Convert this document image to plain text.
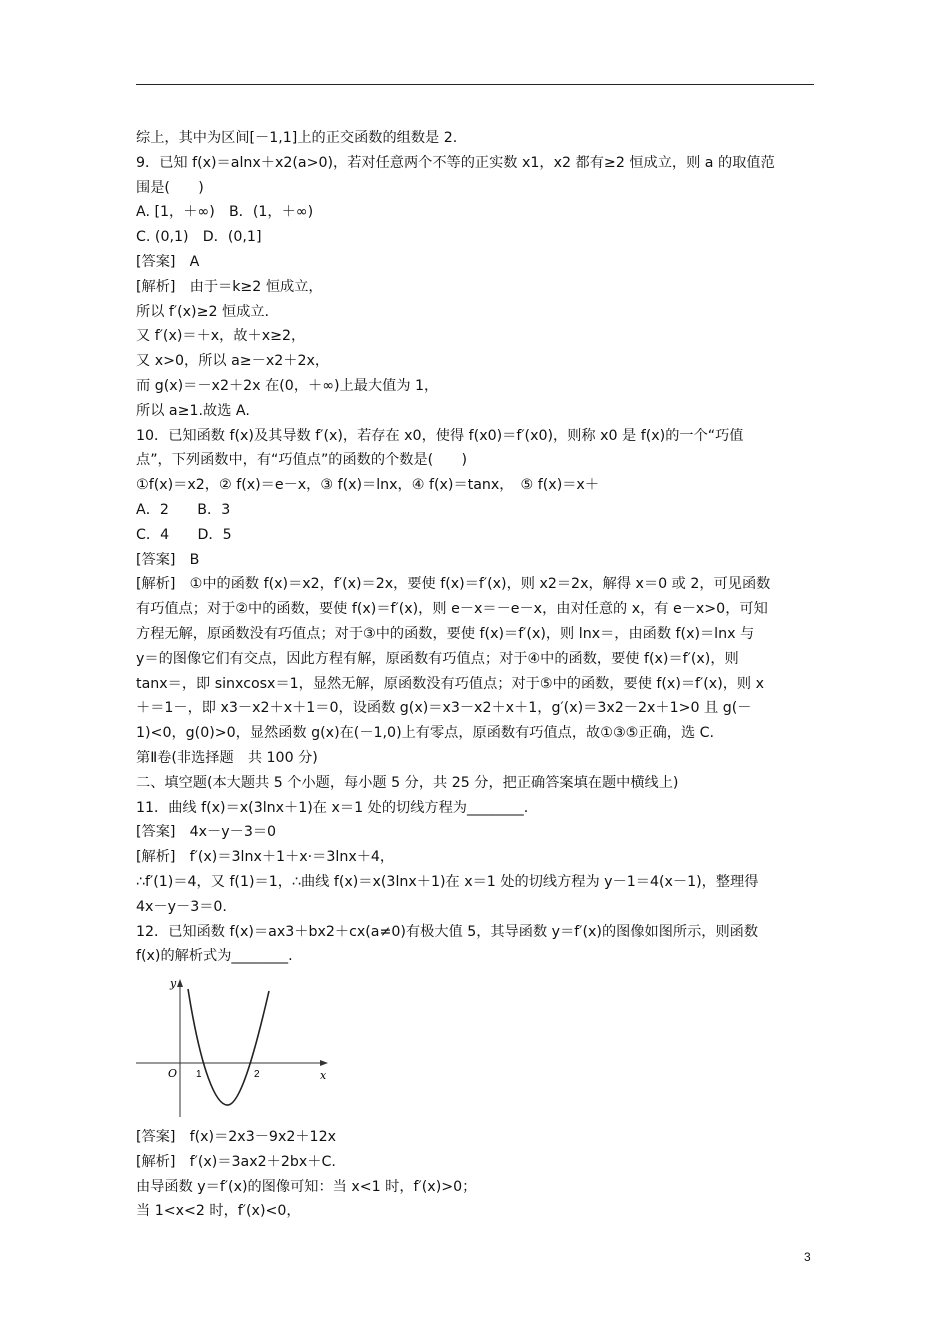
综上，其中为区间[－1,1]上的正交函数的组数是 2.
9．已知 f(x)＝alnx＋x2(a>0)，若对任意两个不等的正实数 x1，x2 都有≥2 恒成立，则 a 的取值范
围是(　　)
A. [1，＋∞)　B．(1，＋∞)
C. (0,1)　D．(0,1]
[答案]　A
[解析]　由于＝k≥2 恒成立，
所以 f′(x)≥2 恒成立.
又 f′(x)＝＋x，故＋x≥2，
又 x>0，所以 a≥－x2＋2x，
而 g(x)＝－x2＋2x 在(0，＋∞)上最大值为 1，
所以 a≥1.故选 A.
10．已知函数 f(x)及其导数 f′(x)，若存在 x0，使得 f(x0)＝f′(x0)，则称 x0 是 f(x)的一个“巧值
点”，下列函数中，有“巧值点”的函数的个数是(　　)
①f(x)＝x2，② f(x)＝e－x，③ f(x)＝lnx，④ f(x)＝tanx，　⑤ f(x)＝x＋
A．2　　B．3
C．4　　D．5
[答案]　B
[解析]　①中的函数 f(x)＝x2，f′(x)＝2x，要使 f(x)＝f′(x)，则 x2＝2x，解得 x＝0 或 2，可见函数
有巧值点；对于②中的函数，要使 f(x)＝f′(x)，则 e－x＝－e－x，由对任意的 x，有 e－x>0，可知
方程无解，原函数没有巧值点；对于③中的函数，要使 f(x)＝f′(x)，则 lnx＝，由函数 f(x)＝lnx 与
y＝的图像它们有交点，因此方程有解，原函数有巧值点；对于④中的函数，要使 f(x)＝f′(x)，则
tanx＝，即 sinxcosx＝1，显然无解，原函数没有巧值点；对于⑤中的函数，要使 f(x)＝f′(x)，则 x
＋＝1－，即 x3－x2＋x＋1＝0，设函数 g(x)＝x3－x2＋x＋1，g′(x)＝3x2－2x＋1>0 且 g(－
1)<0，g(0)>0，显然函数 g(x)在(－1,0)上有零点，原函数有巧值点，故①③⑤正确，选 C.
第Ⅱ卷(非选择题　共 100 分)
二、填空题(本大题共 5 个小题，每小题 5 分，共 25 分，把正确答案填在题中横线上)
11．曲线 f(x)＝x(3lnx＋1)在 x＝1 处的切线方程为________.
[答案]　4x－y－3＝0
[解析]　f′(x)＝3lnx＋1＋x·＝3lnx＋4，
∴f′(1)＝4，又 f(1)＝1，∴曲线 f(x)＝x(3lnx＋1)在 x＝1 处的切线方程为 y－1＝4(x－1)，整理得
4x－y－3＝0.
12．已知函数 f(x)＝ax3＋bx2＋cx(a≠0)有极大值 5，其导函数 y＝f′(x)的图像如图所示，则函数
f(x)的解析式为________.
y
x
O 1	2
[答案]　f(x)＝2x3－9x2＋12x
[解析]　f′(x)＝3ax2＋2bx＋C.
由导函数 y＝f′(x)的图像可知：当 x<1 时，f′(x)>0；
当 1<x<2 时，f′(x)<0，
3
